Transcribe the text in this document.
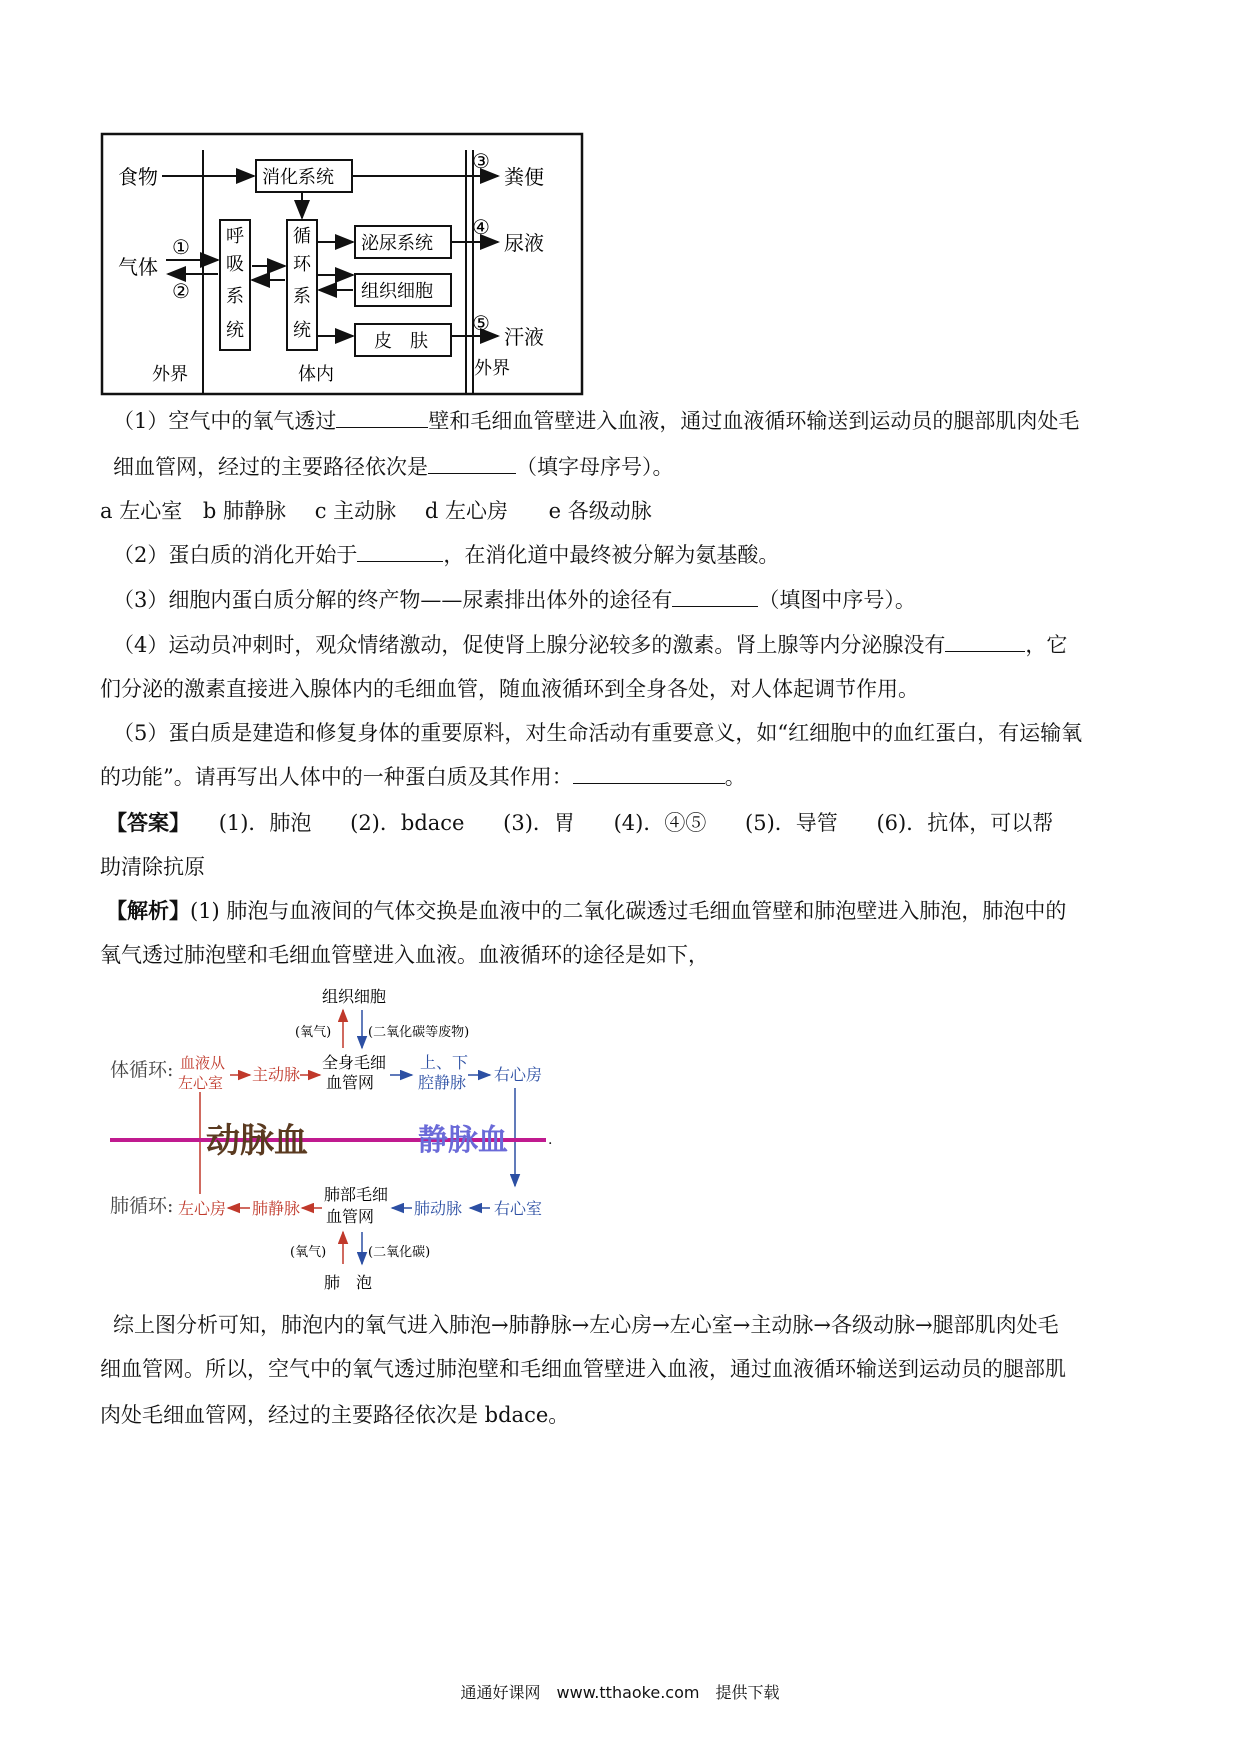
食物
气体
外界	体内	外界
消化系统
呼
吸
系
统
循
环
系
统
泌尿系统
组织细胞
皮　肤
粪便
尿液
汗液
①
②
③
④
⑤
（1）空气中的氧气透过	壁和毛细血管壁进入血液，通过血液循环输送到运动员的腿部肌肉处毛
细血管网，经过的主要路径依次是	（填字母序号）。
a 左心室 b 肺静脉 c 主动脉 d 左心房 e 各级动脉
（2）蛋白质的消化开始于	，在消化道中最终被分解为氨基酸。
（3）细胞内蛋白质分解的终产物——尿素排出体外的途径有	（填图中序号）。
（4）运动员冲刺时，观众情绪激动，促使肾上腺分泌较多的激素。肾上腺等内分泌腺没有	，它
们分泌的激素直接进入腺体内的毛细血管，随血液循环到全身各处，对人体起调节作用。
（5）蛋白质是建造和修复身体的重要原料，对生命活动有重要意义，如“红细胞中的血红蛋白，有运输氧
的功能”。请再写出人体中的一种蛋白质及其作用：	。
【答案】 (1)．肺泡 (2)．bdace (3)．胃 (4)．④⑤ (5)．导管 (6)．抗体，可以帮
助清除抗原
【解析】(1) 肺泡与血液间的气体交换是血液中的二氧化碳透过毛细血管壁和肺泡壁进入肺泡，肺泡中的
氧气透过肺泡壁和毛细血管壁进入血液。血液循环的途径是如下，
组织细胞
(氧气)	(二氧化碳等废物)
体循环: 血液从
左心室 主动脉
全身毛细
血管网
上、下
腔静脉 右心房
.
动脉血	静脉血
肺循环: 左心房 肺静脉
肺部毛细
血管网 肺动脉 右心室
(氧气)	(二氧化碳)
肺　泡
综上图分析可知，肺泡内的氧气进入肺泡→肺静脉→左心房→左心室→主动脉→各级动脉→腿部肌肉处毛
细血管网。所以，空气中的氧气透过肺泡壁和毛细血管壁进入血液，通过血液循环输送到运动员的腿部肌
肉处毛细血管网，经过的主要路径依次是 bdace。
通通好课网　www.tthaoke.com　提供下载
